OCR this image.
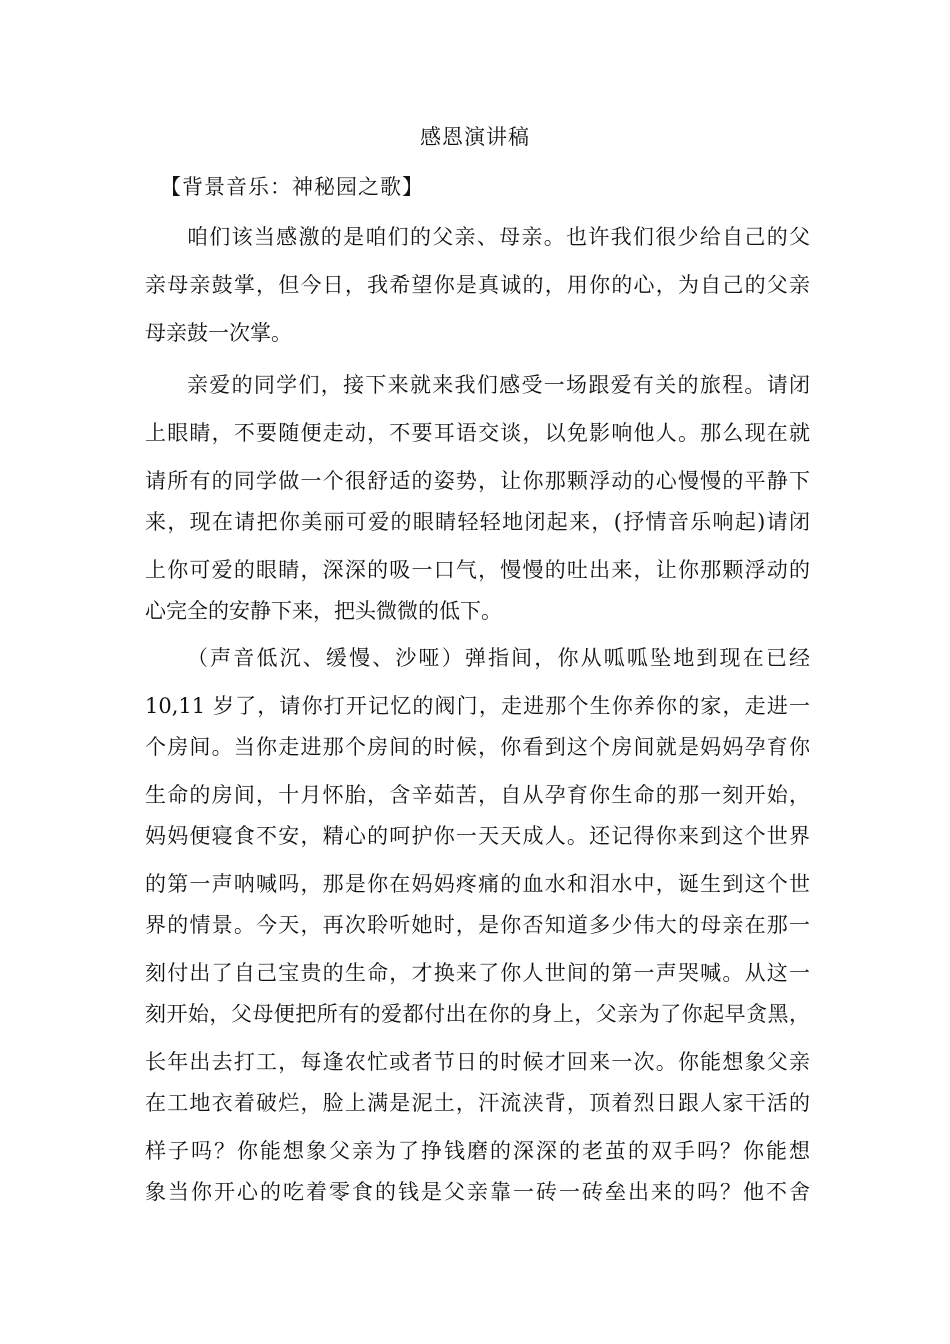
感恩演讲稿
【背景音乐：神秘园之歌】
咱们该当感激的是咱们的父亲、母亲。也许我们很少给自己的父
亲母亲鼓掌，但今日，我希望你是真诚的，用你的心，为自己的父亲
母亲鼓一次掌。
亲爱的同学们，接下来就来我们感受一场跟爱有关的旅程。请闭
上眼睛，不要随便走动，不要耳语交谈，以免影响他人。那么现在就
请所有的同学做一个很舒适的姿势，让你那颗浮动的心慢慢的平静下
来，现在请把你美丽可爱的眼睛轻轻地闭起来，(抒情音乐响起)请闭
上你可爱的眼睛，深深的吸一口气，慢慢的吐出来，让你那颗浮动的
心完全的安静下来，把头微微的低下。
（声音低沉、缓慢、沙哑）弹指间，你从呱呱坠地到现在已经
10,11 岁了，请你打开记忆的阀门，走进那个生你养你的家，走进一
个房间。当你走进那个房间的时候，你看到这个房间就是妈妈孕育你
生命的房间，十月怀胎，含辛茹苦，自从孕育你生命的那一刻开始，
妈妈便寝食不安，精心的呵护你一天天成人。还记得你来到这个世界
的第一声呐喊吗，那是你在妈妈疼痛的血水和泪水中，诞生到这个世
界的情景。今天，再次聆听她时，是你否知道多少伟大的母亲在那一
刻付出了自己宝贵的生命，才换来了你人世间的第一声哭喊。从这一
刻开始，父母便把所有的爱都付出在你的身上，父亲为了你起早贪黑，
长年出去打工，每逢农忙或者节日的时候才回来一次。你能想象父亲
在工地衣着破烂，脸上满是泥土，汗流浃背，顶着烈日跟人家干活的
样子吗？你能想象父亲为了挣钱磨的深深的老茧的双手吗？你能想
象当你开心的吃着零食的钱是父亲靠一砖一砖垒出来的吗？他不舍
